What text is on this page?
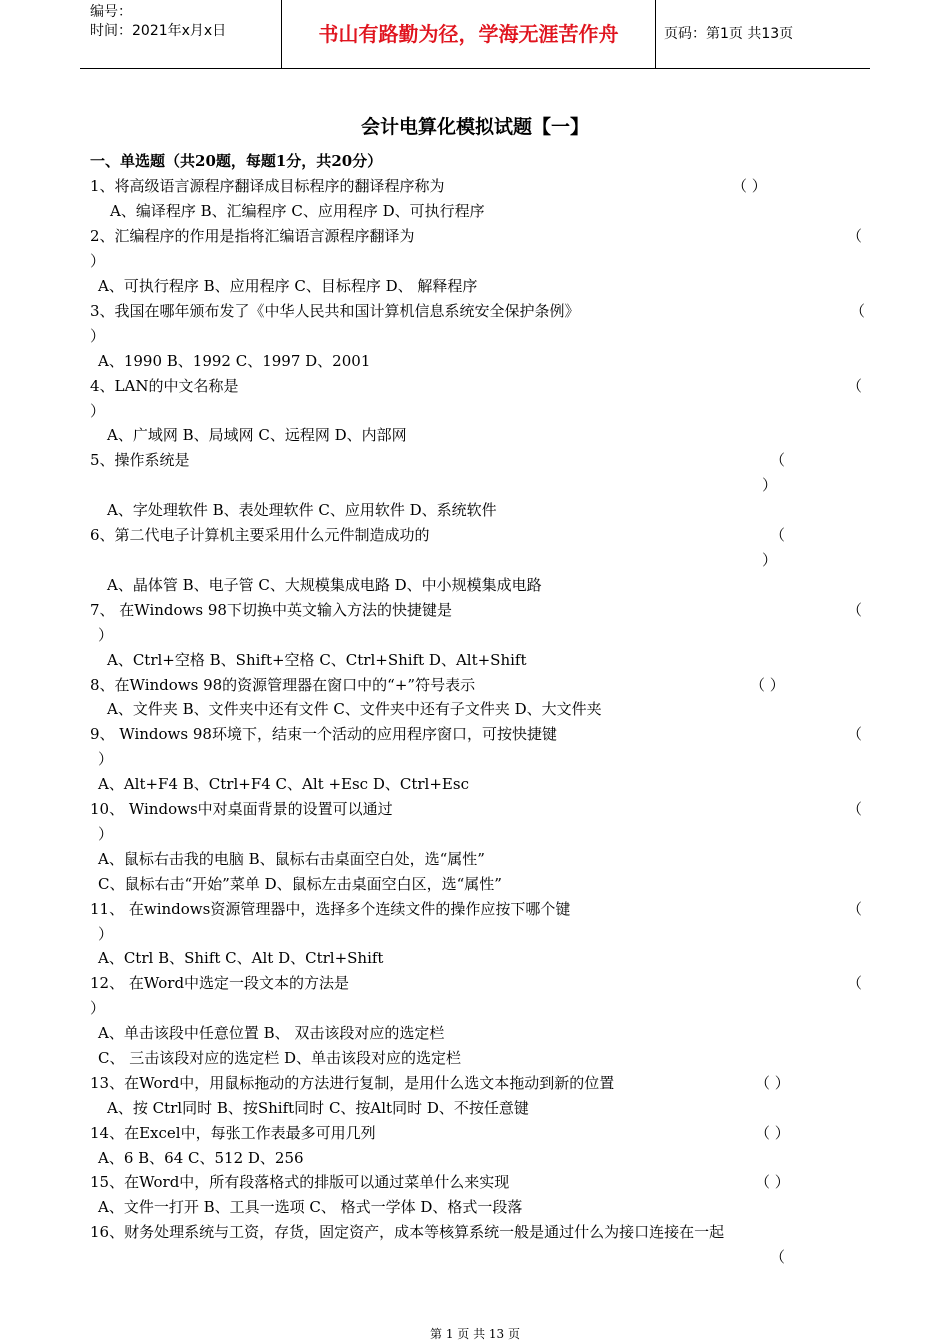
编号：
时间：2021年x月x日	书山有路勤为径，学海无涯苦作舟	页码：第1页 共13页
会计电算化模拟试题【一】
一、单选题（共20题，每题1分，共20分）
1、将高级语言源程序翻译成目标程序的翻译程序称为	（ ）
A、编译程序 B、汇编程序 C、应用程序 D、可执行程序
2、汇编程序的作用是指将汇编语言源程序翻译为	（
）
A、可执行程序 B、应用程序 C、目标程序 D、 解释程序
3、我国在哪年颁布发了《中华人民共和国计算机信息系统安全保护条例》	（
）
A、1990 B、1992 C、1997 D、2001
4、LAN的中文名称是	（
）
A、广域网 B、局域网 C、远程网 D、内部网
5、操作系统是	（
）
A、字处理软件 B、表处理软件 C、应用软件 D、系统软件
6、第二代电子计算机主要采用什么元件制造成功的	（
）
A、晶体管 B、电子管 C、大规模集成电路 D、中小规模集成电路
7、 在Windows 98下切换中英文输入方法的快捷键是	（
）
A、Ctrl+空格 B、Shift+空格 C、Ctrl+Shift D、Alt+Shift
8、在Windows 98的资源管理器在窗口中的“+”符号表示	（ ）
A、文件夹 B、文件夹中还有文件 C、文件夹中还有子文件夹 D、大文件夹
9、 Windows 98环境下，结束一个活动的应用程序窗口，可按快捷键	（
）
A、Alt+F4 B、Ctrl+F4 C、Alt +Esc D、Ctrl+Esc
10、 Windows中对桌面背景的设置可以通过	（
）
A、鼠标右击我的电脑 B、鼠标右击桌面空白处，选“属性”
C、鼠标右击“开始”菜单 D、鼠标左击桌面空白区，选“属性”
11、 在windows资源管理器中，选择多个连续文件的操作应按下哪个键	（
）
A、Ctrl B、Shift C、Alt D、Ctrl+Shift
12、 在Word中选定一段文本的方法是	（
）
A、单击该段中任意位置 B、 双击该段对应的选定栏
C、 三击该段对应的选定栏 D、单击该段对应的选定栏
13、在Word中，用鼠标拖动的方法进行复制，是用什么选文本拖动到新的位置	（ ）
A、按 Ctrl同时 B、按Shift同时 C、按Alt同时 D、不按任意键
14、在Excel中，每张工作表最多可用几列	（ ）
A、6 B、64 C、512 D、256
15、在Word中，所有段落格式的排版可以通过菜单什么来实现	（ ）
A、文件一打开 B、工具一选项 C、 格式一学体 D、格式一段落
16、财务处理系统与工资，存货，固定资产，成本等核算系统一般是通过什么为接口连接在一起
（
第 1 页 共 13 页
